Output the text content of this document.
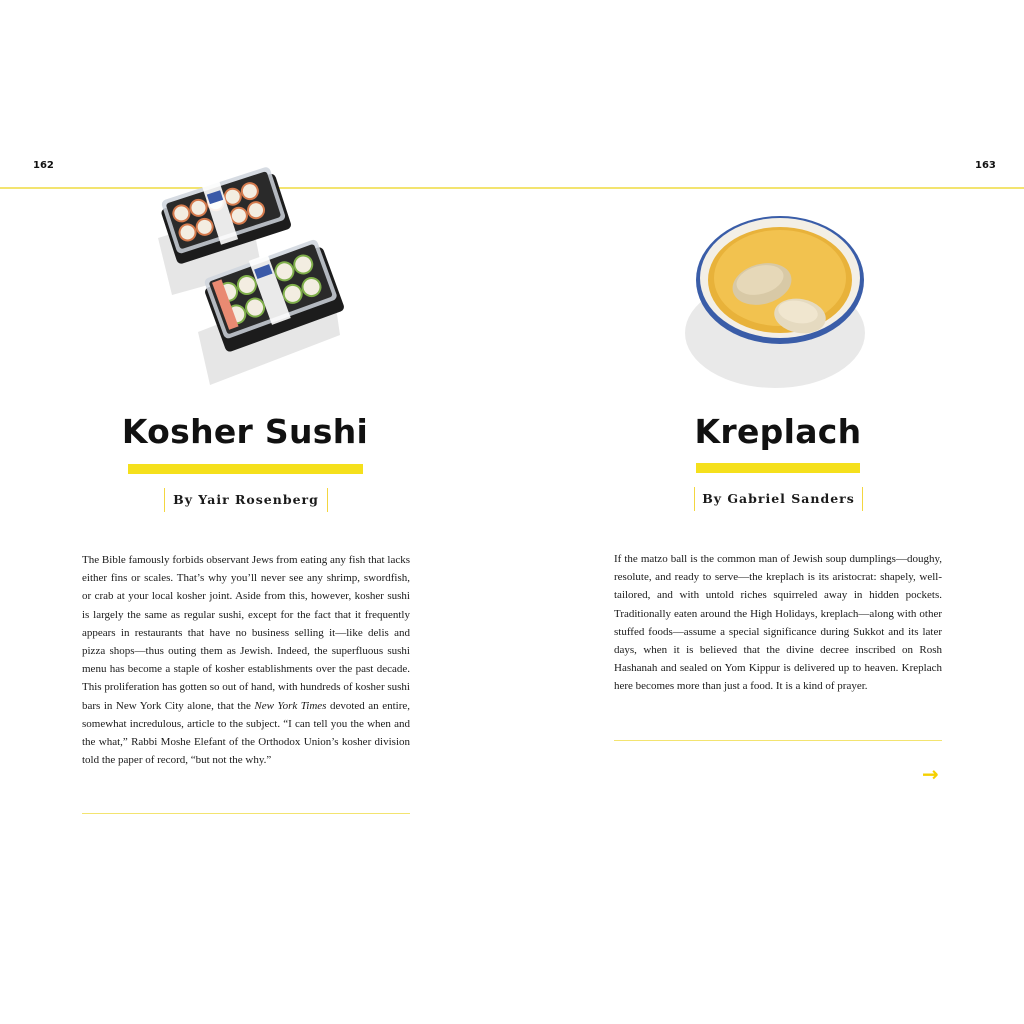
162	163
Kosher Sushi
By Yair Rosenberg
The Bible famously forbids observant Jews from eating any fish that lacks either fins or scales. That’s why you’ll never see any shrimp, swordfish, or crab at your local kosher joint. Aside from this, however, kosher sushi is largely the same as regular sushi, except for the fact that it frequently appears in restaurants that have no business selling it—like delis and pizza shops—thus outing them as Jewish. Indeed, the superfluous sushi menu has become a staple of kosher establishments over the past decade. This proliferation has gotten so out of hand, with hundreds of kosher sushi bars in New York City alone, that the New York Times devoted an entire, somewhat incredulous, article to the subject. “I can tell you the when and the what,” Rabbi Moshe Elefant of the Orthodox Union’s kosher division told the paper of record, “but not the why.”
Kreplach
By Gabriel Sanders
If the matzo ball is the common man of Jewish soup dumplings—doughy, resolute, and ready to serve—the kreplach is its aristocrat: shapely, well-tailored, and with untold riches squirreled away in hidden pockets. Traditionally eaten around the High Holidays, kreplach—along with other stuffed foods—assume a special significance during Sukkot and its later days, when it is believed that the divine decree inscribed on Rosh Hashanah and sealed on Yom Kippur is delivered up to heaven. Kreplach here becomes more than just a food. It is a kind of prayer.
→
